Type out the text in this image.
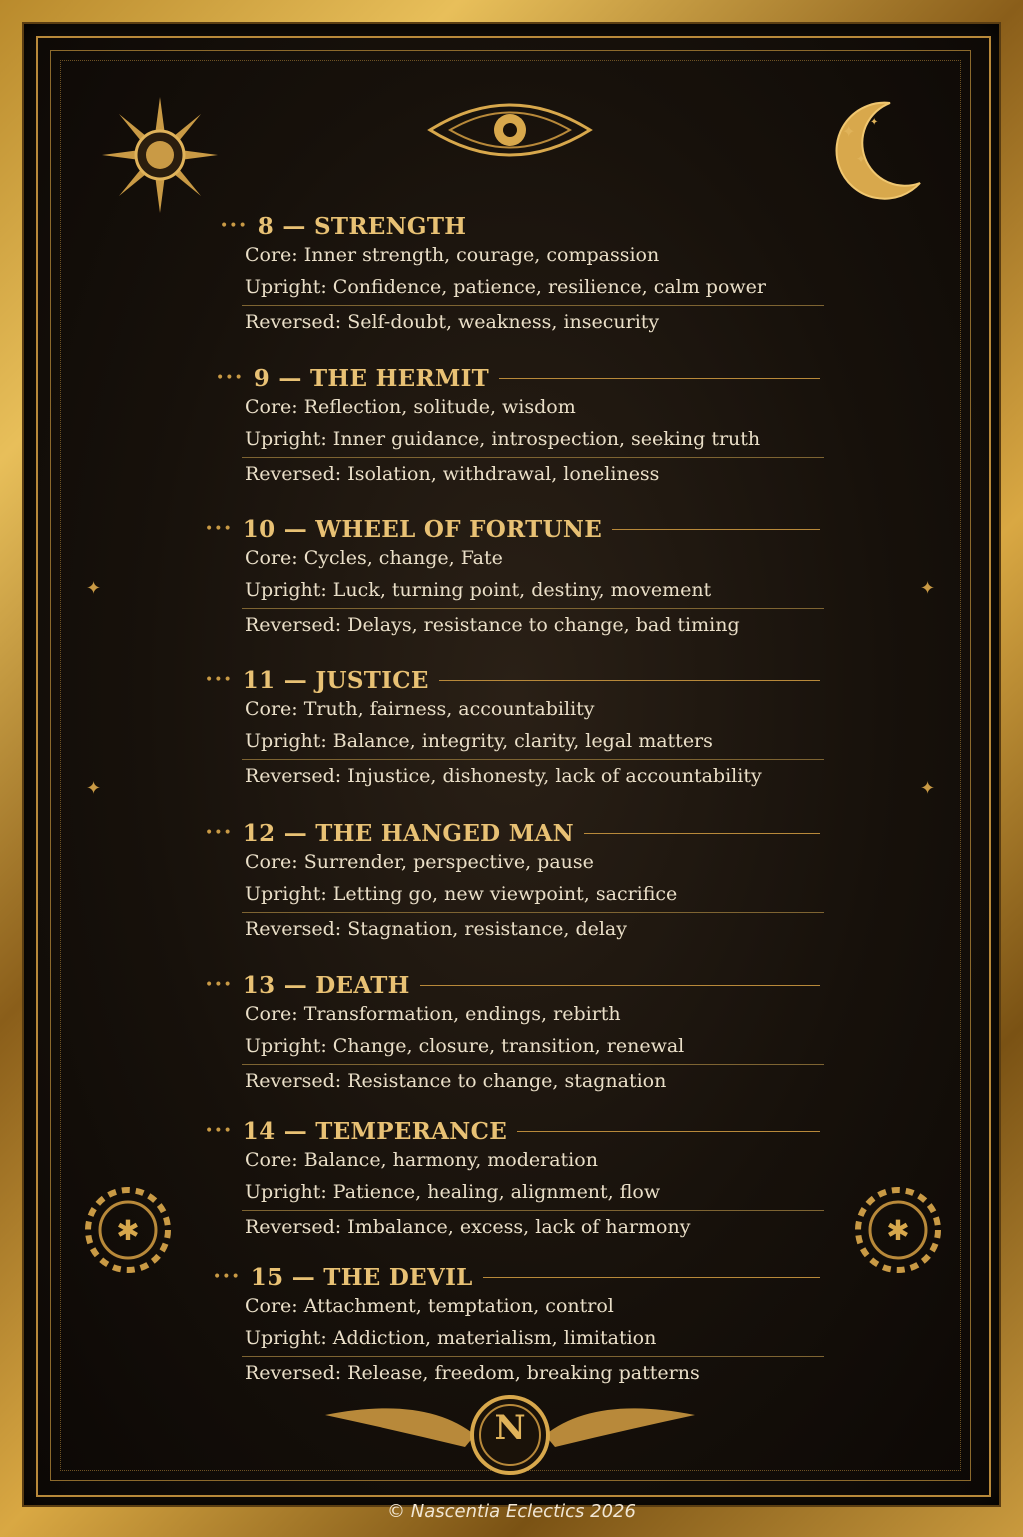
✦	✦
✦	✦
✦
✦
✦
✱	✱
N
••• 8 — STRENGTH
Core: Inner strength, courage, compassion
Upright: Confidence, patience, resilience, calm power
Reversed: Self-doubt, weakness, insecurity
••• 9 — THE HERMIT
Core: Reflection, solitude, wisdom
Upright: Inner guidance, introspection, seeking truth
Reversed: Isolation, withdrawal, loneliness
••• 10 — WHEEL OF FORTUNE
Core: Cycles, change, Fate
Upright: Luck, turning point, destiny, movement
Reversed: Delays, resistance to change, bad timing
••• 11 — JUSTICE
Core: Truth, fairness, accountability
Upright: Balance, integrity, clarity, legal matters
Reversed: Injustice, dishonesty, lack of accountability
••• 12 — THE HANGED MAN
Core: Surrender, perspective, pause
Upright: Letting go, new viewpoint, sacrifice
Reversed: Stagnation, resistance, delay
••• 13 — DEATH
Core: Transformation, endings, rebirth
Upright: Change, closure, transition, renewal
Reversed: Resistance to change, stagnation
••• 14 — TEMPERANCE
Core: Balance, harmony, moderation
Upright: Patience, healing, alignment, flow
Reversed: Imbalance, excess, lack of harmony
••• 15 — THE DEVIL
Core: Attachment, temptation, control
Upright: Addiction, materialism, limitation
Reversed: Release, freedom, breaking patterns
© Nascentia Eclectics 2026
